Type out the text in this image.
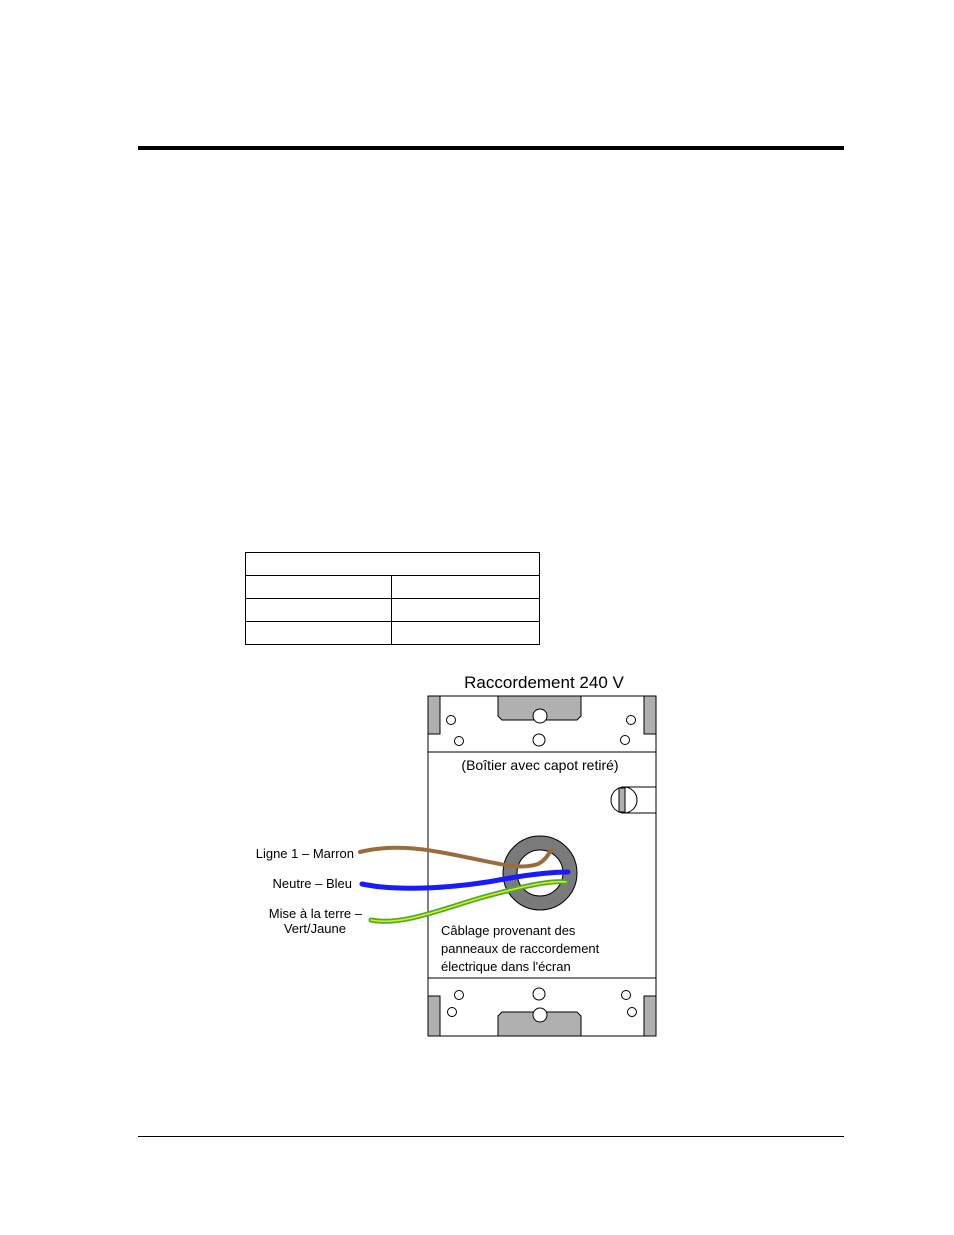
Raccordement 240 V
(Boîtier avec capot retiré)
Ligne 1 – Marron
Neutre – Bleu
Mise à la terre –
Vert/Jaune	Câblage provenant des
panneaux de raccordement
électrique dans l'écran
